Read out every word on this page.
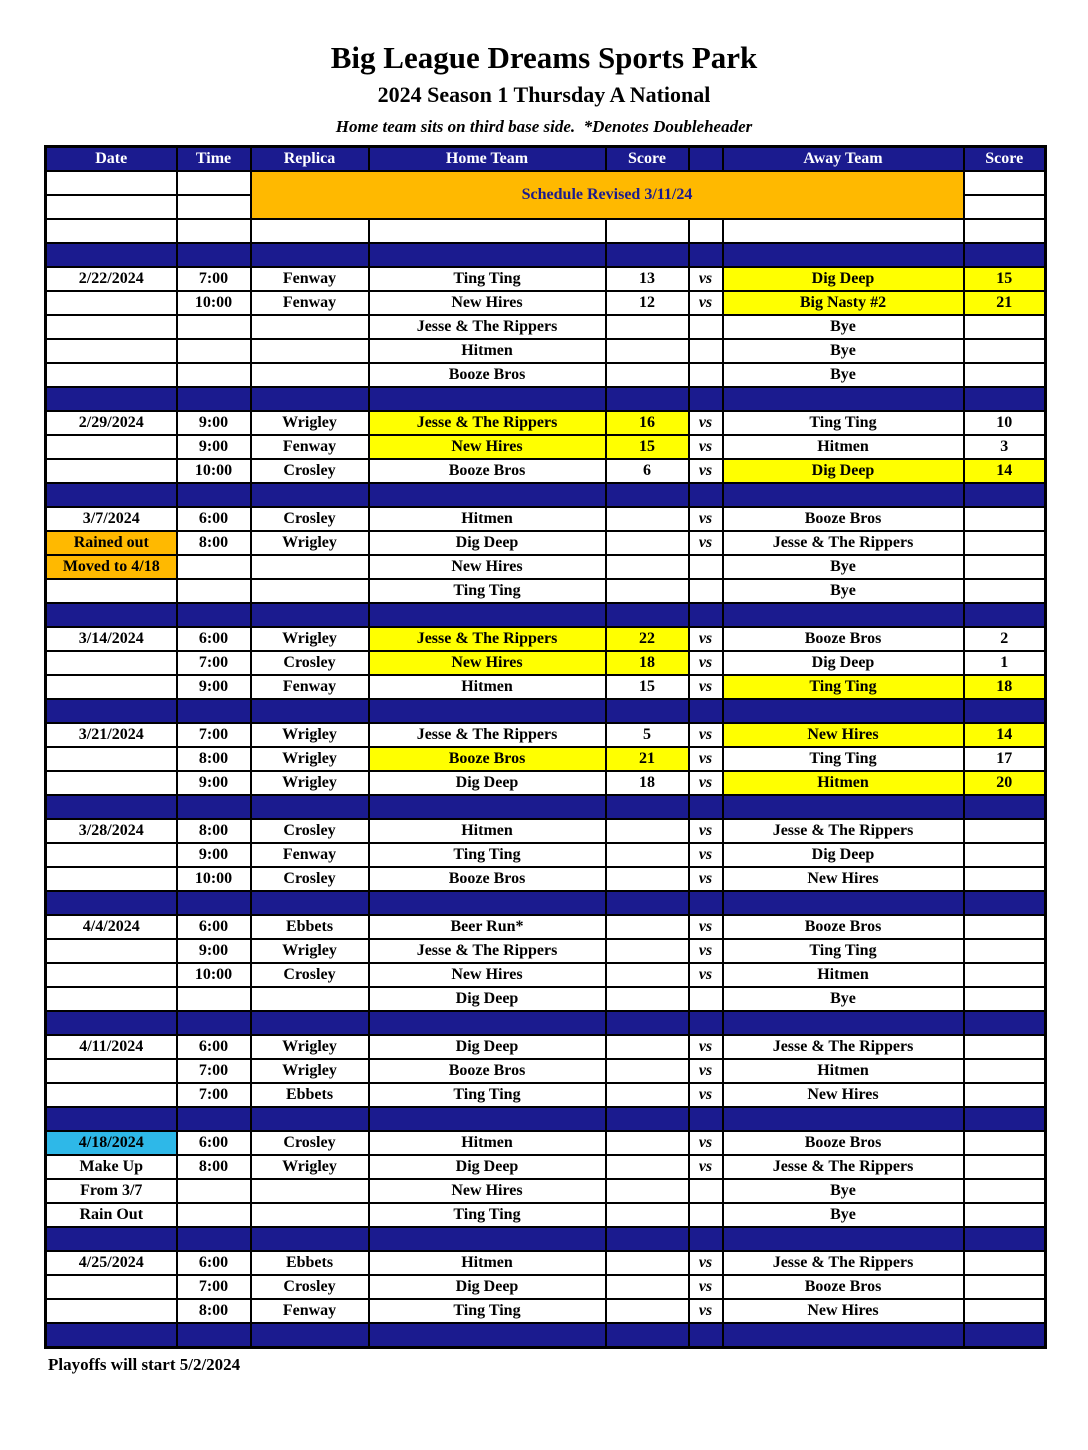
Big League Dreams Sports Park
2024 Season 1 Thursday A National
Home team sits on third base side.  *Denotes Doubleheader
Date	Time	Replica	Home Team	Score		Away Team	Score
		Schedule Revised 3/11/24					

2/22/2024	7:00	Fenway	Ting Ting	13	vs	Dig Deep	15
	10:00	Fenway	New Hires	12	vs	Big Nasty #2	21
			Jesse & The Rippers			Bye	
			Hitmen			Bye	
			Booze Bros			Bye	

2/29/2024	9:00	Wrigley	Jesse & The Rippers	16	vs	Ting Ting	10
	9:00	Fenway	New Hires	15	vs	Hitmen	3
	10:00	Crosley	Booze Bros	6	vs	Dig Deep	14

3/7/2024	6:00	Crosley	Hitmen		vs	Booze Bros	
Rained out	8:00	Wrigley	Dig Deep		vs	Jesse & The Rippers	
Moved to 4/18			New Hires			Bye	
			Ting Ting			Bye	

3/14/2024	6:00	Wrigley	Jesse & The Rippers	22	vs	Booze Bros	2
	7:00	Crosley	New Hires	18	vs	Dig Deep	1
	9:00	Fenway	Hitmen	15	vs	Ting Ting	18

3/21/2024	7:00	Wrigley	Jesse & The Rippers	5	vs	New Hires	14
	8:00	Wrigley	Booze Bros	21	vs	Ting Ting	17
	9:00	Wrigley	Dig Deep	18	vs	Hitmen	20

3/28/2024	8:00	Crosley	Hitmen		vs	Jesse & The Rippers	
	9:00	Fenway	Ting Ting		vs	Dig Deep	
	10:00	Crosley	Booze Bros		vs	New Hires	

4/4/2024	6:00	Ebbets	Beer Run*		vs	Booze Bros	
	9:00	Wrigley	Jesse & The Rippers		vs	Ting Ting	
	10:00	Crosley	New Hires		vs	Hitmen	
			Dig Deep			Bye	

4/11/2024	6:00	Wrigley	Dig Deep		vs	Jesse & The Rippers	
	7:00	Wrigley	Booze Bros		vs	Hitmen	
	7:00	Ebbets	Ting Ting		vs	New Hires	

4/18/2024	6:00	Crosley	Hitmen		vs	Booze Bros	
Make Up	8:00	Wrigley	Dig Deep		vs	Jesse & The Rippers	
From 3/7			New Hires			Bye	
Rain Out			Ting Ting			Bye	

4/25/2024	6:00	Ebbets	Hitmen		vs	Jesse & The Rippers	
	7:00	Crosley	Dig Deep		vs	Booze Bros	
	8:00	Fenway	Ting Ting		vs	New Hires	

Playoffs will start 5/2/2024
